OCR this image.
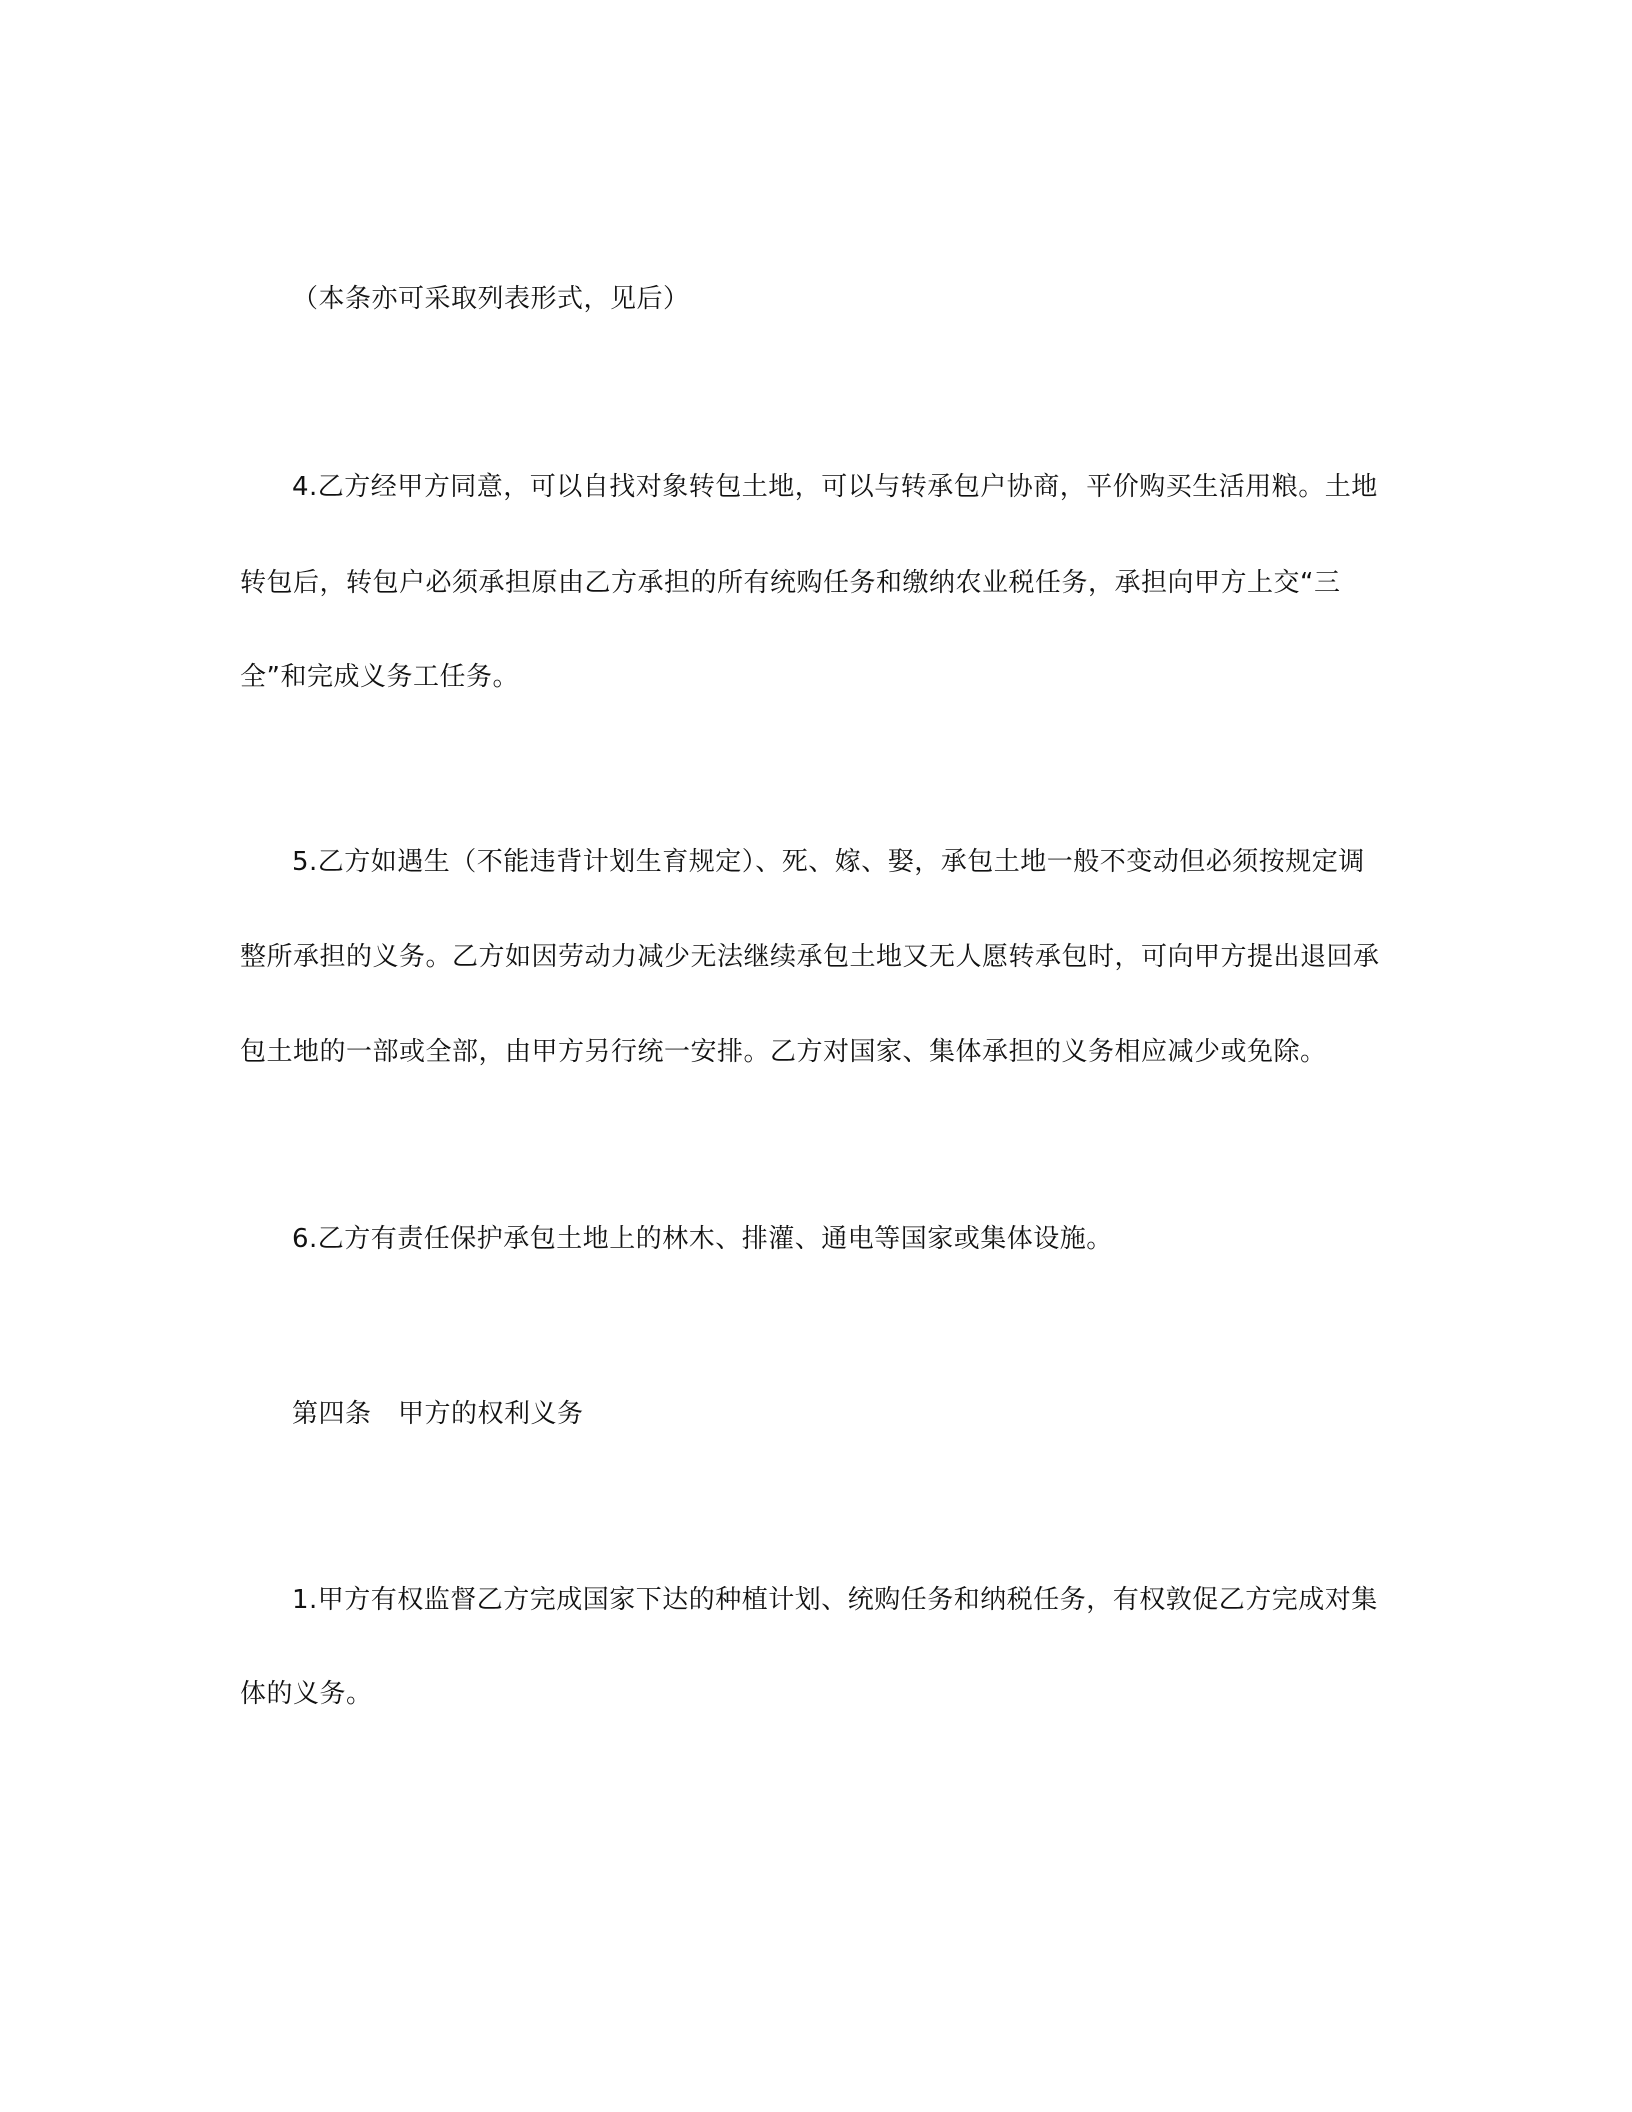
（本条亦可采取列表形式，见后）
4.乙方经甲方同意，可以自找对象转包土地，可以与转承包户协商，平价购买生活用粮。土地
转包后，转包户必须承担原由乙方承担的所有统购任务和缴纳农业税任务，承担向甲方上交“三
全”和完成义务工任务。
5.乙方如遇生（不能违背计划生育规定）、死、嫁、娶，承包土地一般不变动但必须按规定调
整所承担的义务。乙方如因劳动力减少无法继续承包土地又无人愿转承包时，可向甲方提出退回承
包土地的一部或全部，由甲方另行统一安排。乙方对国家、集体承担的义务相应减少或免除。
6.乙方有责任保护承包土地上的林木、排灌、通电等国家或集体设施。
第四条　甲方的权利义务
1.甲方有权监督乙方完成国家下达的种植计划、统购任务和纳税任务，有权敦促乙方完成对集
体的义务。
